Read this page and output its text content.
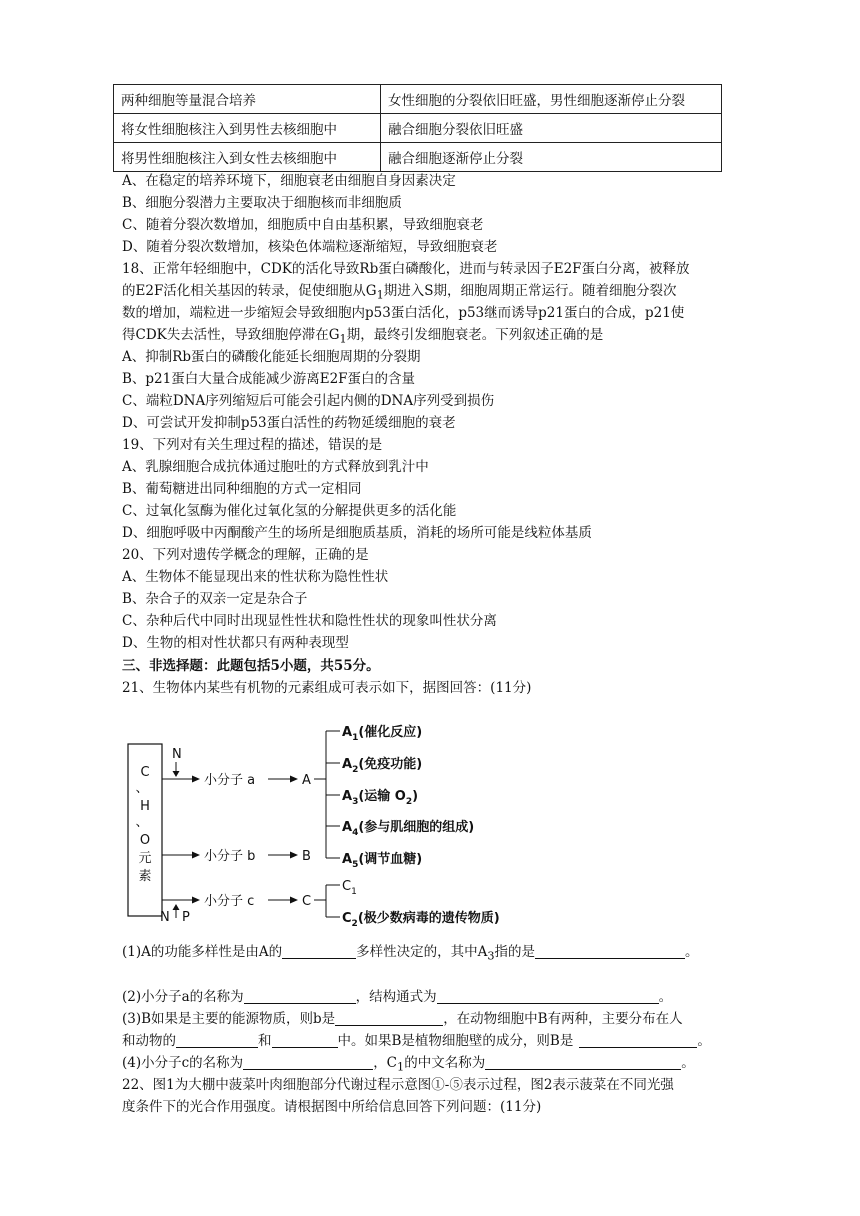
两种细胞等量混合培养	女性细胞的分裂依旧旺盛，男性细胞逐渐停止分裂
将女性细胞核注入到男性去核细胞中	融合细胞分裂依旧旺盛
将男性细胞核注入到女性去核细胞中	融合细胞逐渐停止分裂
A、在稳定的培养环境下，细胞衰老由细胞自身因素决定
B、细胞分裂潜力主要取决于细胞核而非细胞质
C、随着分裂次数增加，细胞质中自由基积累，导致细胞衰老
D、随着分裂次数增加，核染色体端粒逐渐缩短，导致细胞衰老
18、正常年轻细胞中，CDK的活化导致Rb蛋白磷酸化，进而与转录因子E2F蛋白分离，被释放
的E2F活化相关基因的转录，促使细胞从$G_1$期进入S期，细胞周期正常运行。随着细胞分裂次
数的增加，端粒进一步缩短会导致细胞内p53蛋白活化，p53继而诱导p21蛋白的合成，p21使
得CDK失去活性，导致细胞停滞在$G_1$期，最终引发细胞衰老。下列叙述正确的是
A、抑制Rb蛋白的磷酸化能延长细胞周期的分裂期
B、p21蛋白大量合成能减少游离E2F蛋白的含量
C、端粒DNA序列缩短后可能会引起内侧的DNA序列受到损伤
D、可尝试开发抑制p53蛋白活性的药物延缓细胞的衰老
19、下列对有关生理过程的描述，错误的是
A、乳腺细胞合成抗体通过胞吐的方式释放到乳汁中
B、葡萄糖进出同种细胞的方式一定相同
C、过氧化氢酶为催化过氧化氢的分解提供更多的活化能
D、细胞呼吸中丙酮酸产生的场所是细胞质基质，消耗的场所可能是线粒体基质
20、下列对遗传学概念的理解，正确的是
A、生物体不能显现出来的性状称为隐性性状
B、杂合子的双亲一定是杂合子
C、杂种后代中同时出现显性性状和隐性性状的现象叫性状分离
D、生物的相对性状都只有两种表现型
三、非选择题：此题包括5小题，共55分。
21、生物体内某些有机物的元素组成可表示如下，据图回答：(11分)
C
、
H
、
O
元
素
N
小分子 a	A
$A_1$(催化反应)
$A_2$(免疫功能)
$A_3$(运输 $O_2$)
$A_4$(参与肌细胞的组成)
$A_5$(调节血糖)
小分子 b	B
小分子 c	C
N P
$C_1$
$C_2$(极少数病毒的遗传物质)
(1)A的功能多样性是由A的	多样性决定的，其中$A_3$指的是	。
(2)小分子a的名称为	，结构通式为	。
(3)B如果是主要的能源物质，则b是	，在动物细胞中B有两种，主要分布在人
和动物的	和	中。如果B是植物细胞壁的成分，则B是	。
(4)小分子c的名称为	，$C_1$的中文名称为	。
22、图1为大棚中菠菜叶肉细胞部分代谢过程示意图①-⑤表示过程，图2表示菠菜在不同光强
度条件下的光合作用强度。请根据图中所给信息回答下列问题：(11分)
